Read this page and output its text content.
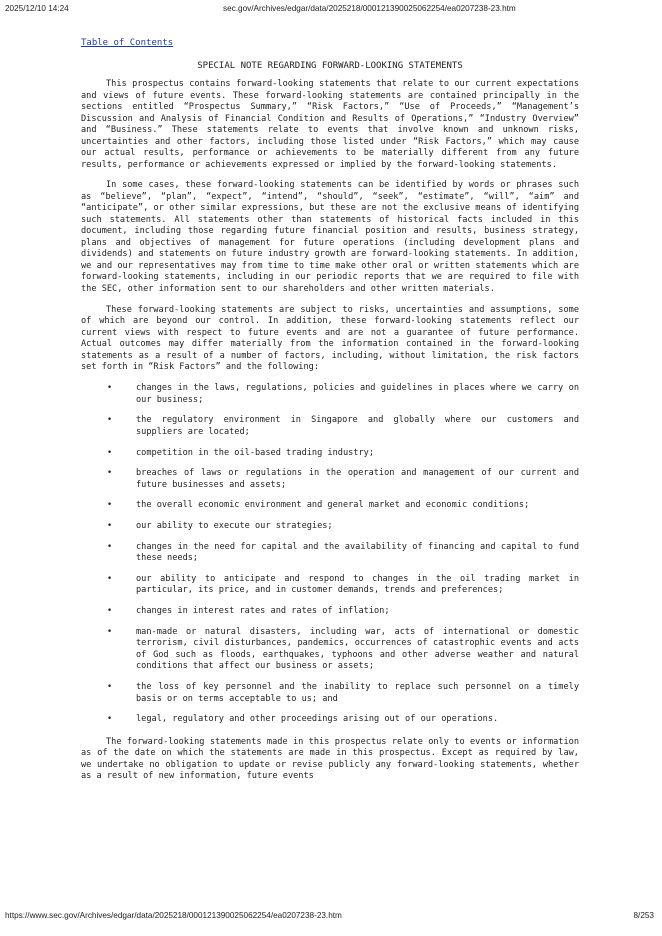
2025/12/10 14:24	sec.gov/Archives/edgar/data/2025218/000121390025062254/ea0207238-23.htm
Table of Contents
SPECIAL NOTE REGARDING FORWARD-LOOKING STATEMENTS

This prospectus contains forward-looking statements that relate to our current expectations and views of future events. These forward-looking statements are contained principally in the sections entitled “Prospectus Summary,” “Risk Factors,” “Use of Proceeds,” “Management’s Discussion and Analysis of Financial Condition and Results of Operations,” “Industry Overview” and “Business.” These statements relate to events that involve known and unknown risks, uncertainties and other factors, including those listed under “Risk Factors,” which may cause our actual results, performance or achievements to be materially different from any future results, performance or achievements expressed or implied by the forward-looking statements.

In some cases, these forward-looking statements can be identified by words or phrases such as “believe”, “plan”, “expect”, “intend”, “should”, “seek”, “estimate”, “will”, “aim” and “anticipate”, or other similar expressions, but these are not the exclusive means of identifying such statements. All statements other than statements of historical facts included in this document, including those regarding future financial position and results, business strategy, plans and objectives of management for future operations (including development plans and dividends) and statements on future industry growth are forward-looking statements. In addition, we and our representatives may from time to time make other oral or written statements which are forward-looking statements, including in our periodic reports that we are required to file with the SEC, other information sent to our shareholders and other written materials.

These forward-looking statements are subject to risks, uncertainties and assumptions, some of which are beyond our control. In addition, these forward-looking statements reflect our current views with respect to future events and are not a guarantee of future performance. Actual outcomes may differ materially from the information contained in the forward-looking statements as a result of a number of factors, including, without limitation, the risk factors set forth in “Risk Factors” and the following:

•	changes in the laws, regulations, policies and guidelines in places where we carry on our business;
•	the regulatory environment in Singapore and globally where our customers and suppliers are located;
•	competition in the oil-based trading industry;
•	breaches of laws or regulations in the operation and management of our current and future businesses and assets;
•	the overall economic environment and general market and economic conditions;
•	our ability to execute our strategies;
•	changes in the need for capital and the availability of financing and capital to fund these needs;
•	our ability to anticipate and respond to changes in the oil trading market in particular, its price, and in customer demands, trends and preferences;
•	changes in interest rates and rates of inflation;
•	man-made or natural disasters, including war, acts of international or domestic terrorism, civil disturbances, pandemics, occurrences of catastrophic events and acts of God such as floods, earthquakes, typhoons and other adverse weather and natural conditions that affect our business or assets;
•	the loss of key personnel and the inability to replace such personnel on a timely basis or on terms acceptable to us; and
•	legal, regulatory and other proceedings arising out of our operations.

The forward-looking statements made in this prospectus relate only to events or information as of the date on which the statements are made in this prospectus. Except as required by law, we undertake no obligation to update or revise publicly any forward-looking statements, whether as a result of new information, future events

https://www.sec.gov/Archives/edgar/data/2025218/000121390025062254/ea0207238-23.htm	8/253
